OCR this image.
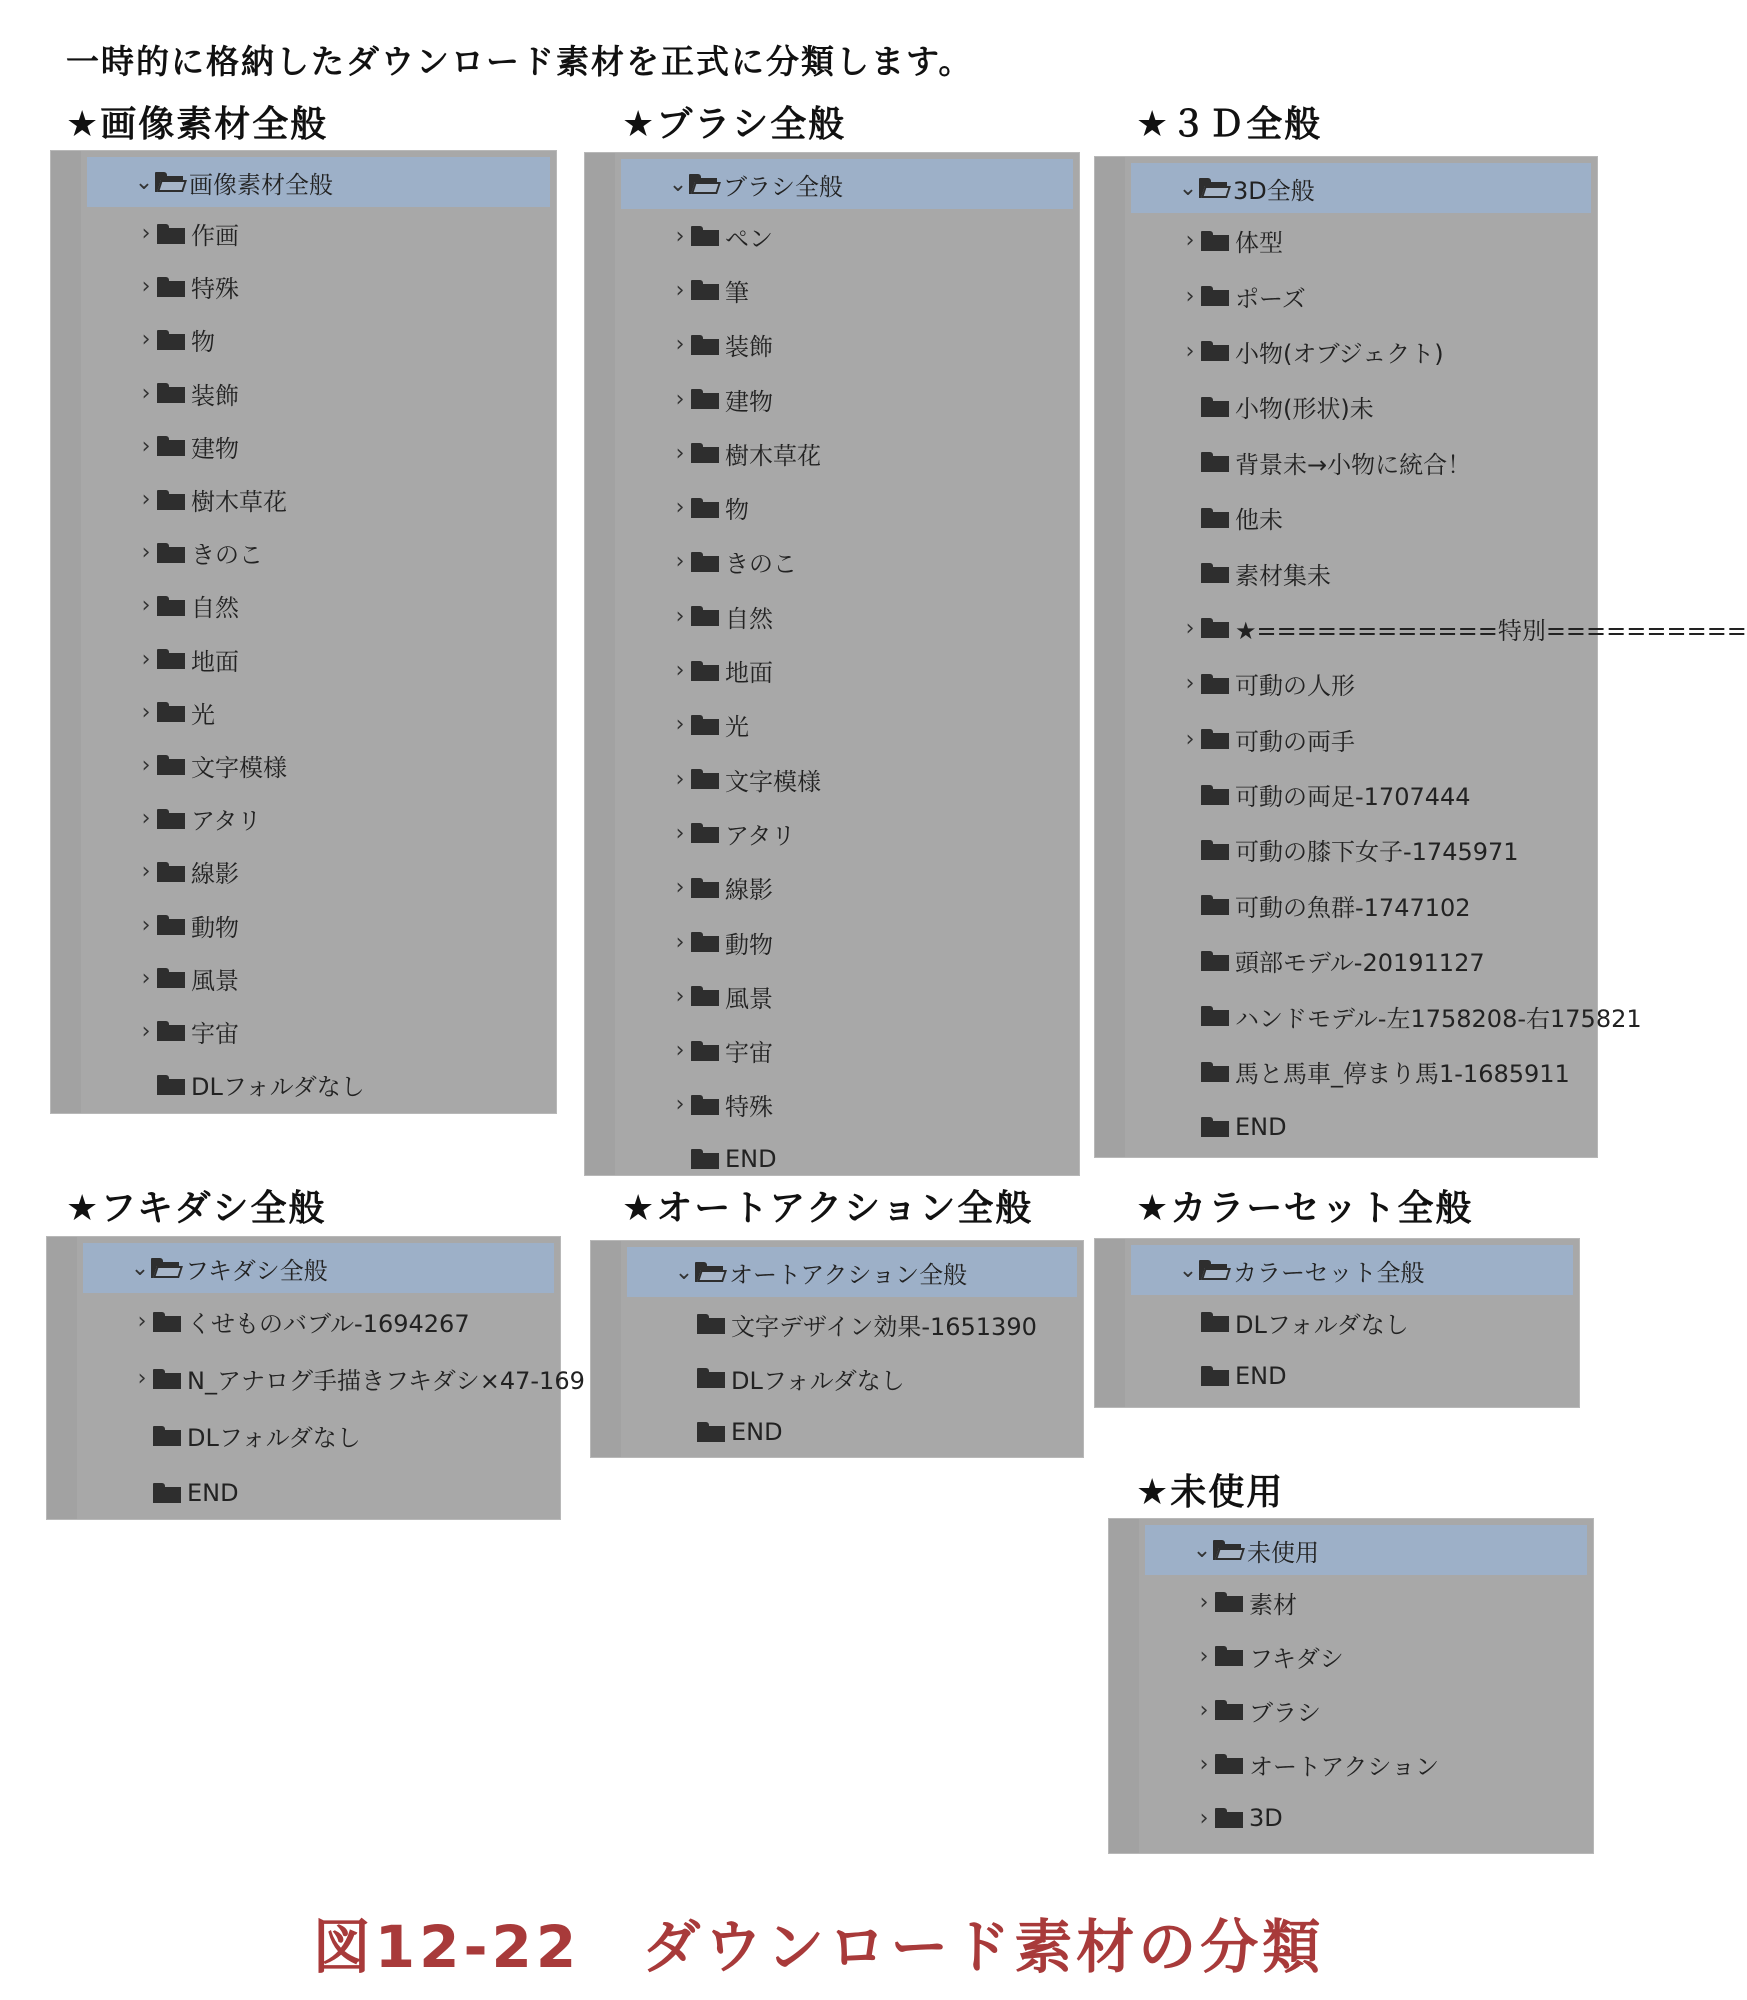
一時的に格納したダウンロード素材を正式に分類します。
★画像素材全般
⌄ 画像素材全般
› 作画
› 特殊
› 物
› 装飾
› 建物
› 樹木草花
› きのこ
› 自然
› 地面
› 光
› 文字模様
› アタリ
› 線影
› 動物
› 風景
› 宇宙
DLフォルダなし
★ブラシ全般
⌄ ブラシ全般
› ペン
› 筆
› 装飾
› 建物
› 樹木草花
› 物
› きのこ
› 自然
› 地面
› 光
› 文字模様
› アタリ
› 線影
› 動物
› 風景
› 宇宙
› 特殊
END
★３Ｄ全般
⌄ 3D全般
› 体型
› ポーズ
› 小物(オブジェクト)
小物(形状)未
背景未→小物に統合！
他未
素材集未
› ★============特別==========
› 可動の人形
› 可動の両手
可動の両足-1707444
可動の膝下女子-1745971
可動の魚群-1747102
頭部モデル-20191127
ハンドモデル-左1758208-右175821
馬と馬車_停まり馬1-1685911
END
★フキダシ全般
⌄ フキダシ全般
› くせものバブル-1694267
› N_アナログ手描きフキダシ×47-169
DLフォルダなし
END
★オートアクション全般
⌄ オートアクション全般
文字デザイン効果-1651390
DLフォルダなし
END
★カラーセット全般
⌄ カラーセット全般
DLフォルダなし
END
★未使用
⌄ 未使用
› 素材
› フキダシ
› ブラシ
› オートアクション
› 3D
図12-22　ダウンロード素材の分類
